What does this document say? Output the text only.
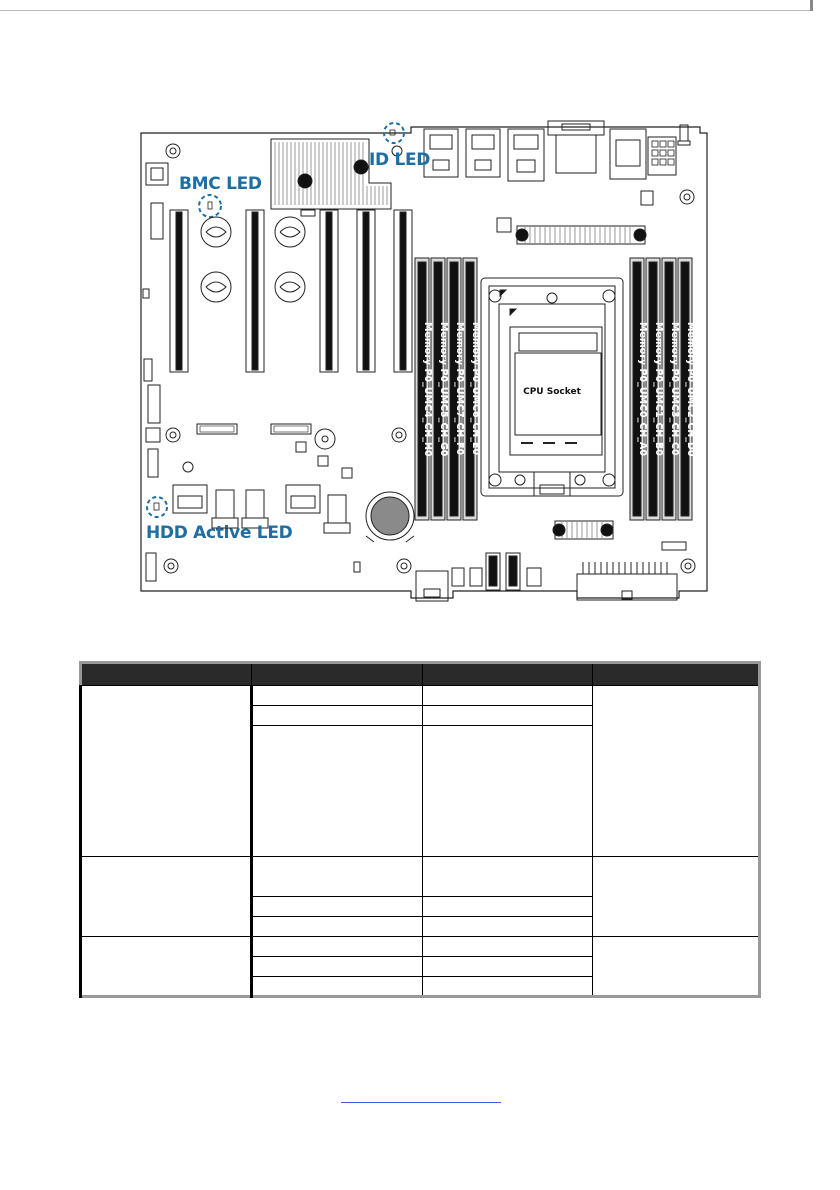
Memory P0_UMC4_CH_H0 Memory P0_UMC5_CH_G0 Memory P0_UMC7_CH_F0 Memory P0_UMC6_CH_E0	Memory P0_UMC0_CH_A0 Memory P0_UMC1_CH_B0 Memory P0_UMC3_CH_C0 Memory P0_UMC2_CH_D0
CPU Socket
BMC LED
ID LED
HDD Active LED
